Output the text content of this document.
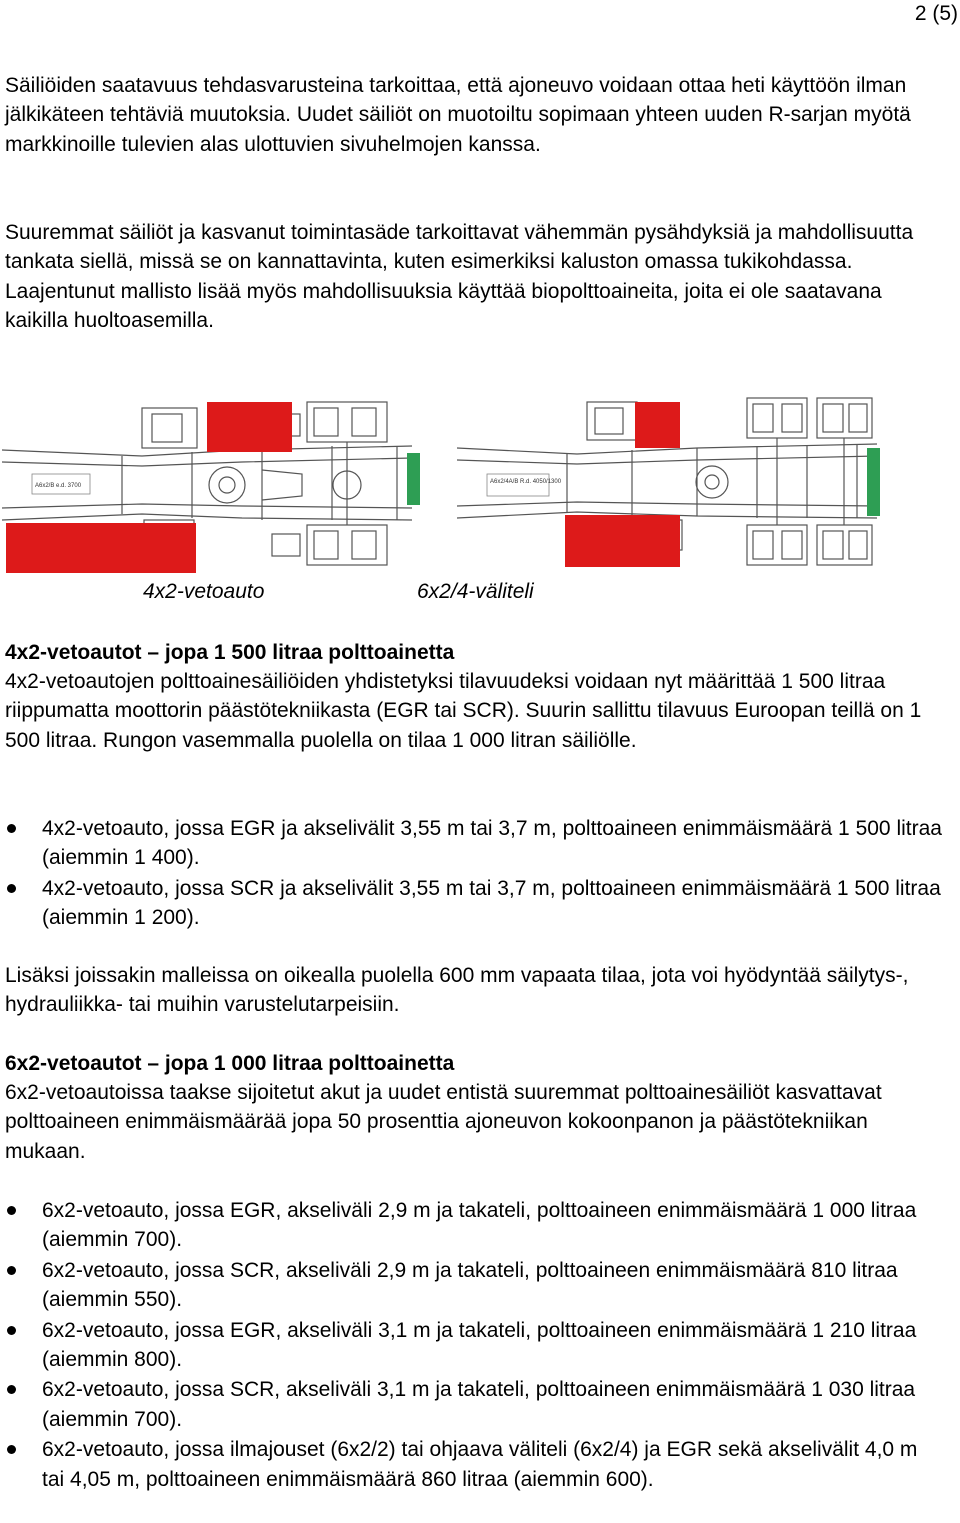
2 (5)

Säiliöiden saatavuus tehdasvarusteina tarkoittaa, että ajoneuvo voidaan ottaa heti käyttöön ilman jälkikäteen tehtäviä muutoksia. Uudet säiliöt on muotoiltu sopimaan yhteen uuden R-sarjan myötä markkinoille tulevien alas ulottuvien sivuhelmojen kanssa.

Suuremmat säiliöt ja kasvanut toimintasäde tarkoittavat vähemmän pysähdyksiä ja mahdollisuutta tankata siellä, missä se on kannattavinta, kuten esimerkiksi kaluston omassa tukikohdassa. Laajentunut mallisto lisää myös mahdollisuuksia käyttää biopolttoaineita, joita ei ole saatavana kaikilla huoltoasemilla.

A6x2/B e.d. 3700
A6x2/4A/B R.d. 4050/1300
4x2-vetoauto	6x2/4-väliteli

4x2-vetoautot – jopa 1 500 litraa polttoainetta

4x2-vetoautojen polttoainesäiliöiden yhdistetyksi tilavuudeksi voidaan nyt määrittää 1 500 litraa riippumatta moottorin päästötekniikasta (EGR tai SCR). Suurin sallittu tilavuus Euroopan teillä on 1 500 litraa. Rungon vasemmalla puolella on tilaa 1 000 litran säiliölle.

4x2-vetoauto, jossa EGR ja akselivälit 3,55 m tai 3,7 m, polttoaineen enimmäismäärä 1 500 litraa (aiemmin 1 400).
4x2-vetoauto, jossa SCR ja akselivälit 3,55 m tai 3,7 m, polttoaineen enimmäismäärä 1 500 litraa (aiemmin 1 200).

Lisäksi joissakin malleissa on oikealla puolella 600 mm vapaata tilaa, jota voi hyödyntää säilytys-, hydrauliikka- tai muihin varustelutarpeisiin.

6x2-vetoautot – jopa 1 000 litraa polttoainetta

6x2-vetoautoissa taakse sijoitetut akut ja uudet entistä suuremmat polttoainesäiliöt kasvattavat polttoaineen enimmäismäärää jopa 50 prosenttia ajoneuvon kokoonpanon ja päästötekniikan mukaan.

6x2-vetoauto, jossa EGR, akseliväli 2,9 m ja takateli, polttoaineen enimmäismäärä 1 000 litraa (aiemmin 700).
6x2-vetoauto, jossa SCR, akseliväli 2,9 m ja takateli, polttoaineen enimmäismäärä 810 litraa (aiemmin 550).
6x2-vetoauto, jossa EGR, akseliväli 3,1 m ja takateli, polttoaineen enimmäismäärä 1 210 litraa (aiemmin 800).
6x2-vetoauto, jossa SCR, akseliväli 3,1 m ja takateli, polttoaineen enimmäismäärä 1 030 litraa (aiemmin 700).
6x2-vetoauto, jossa ilmajouset (6x2/2) tai ohjaava väliteli (6x2/4) ja EGR sekä akselivälit 4,0 m tai 4,05 m, polttoaineen enimmäismäärä 860 litraa (aiemmin 600).
